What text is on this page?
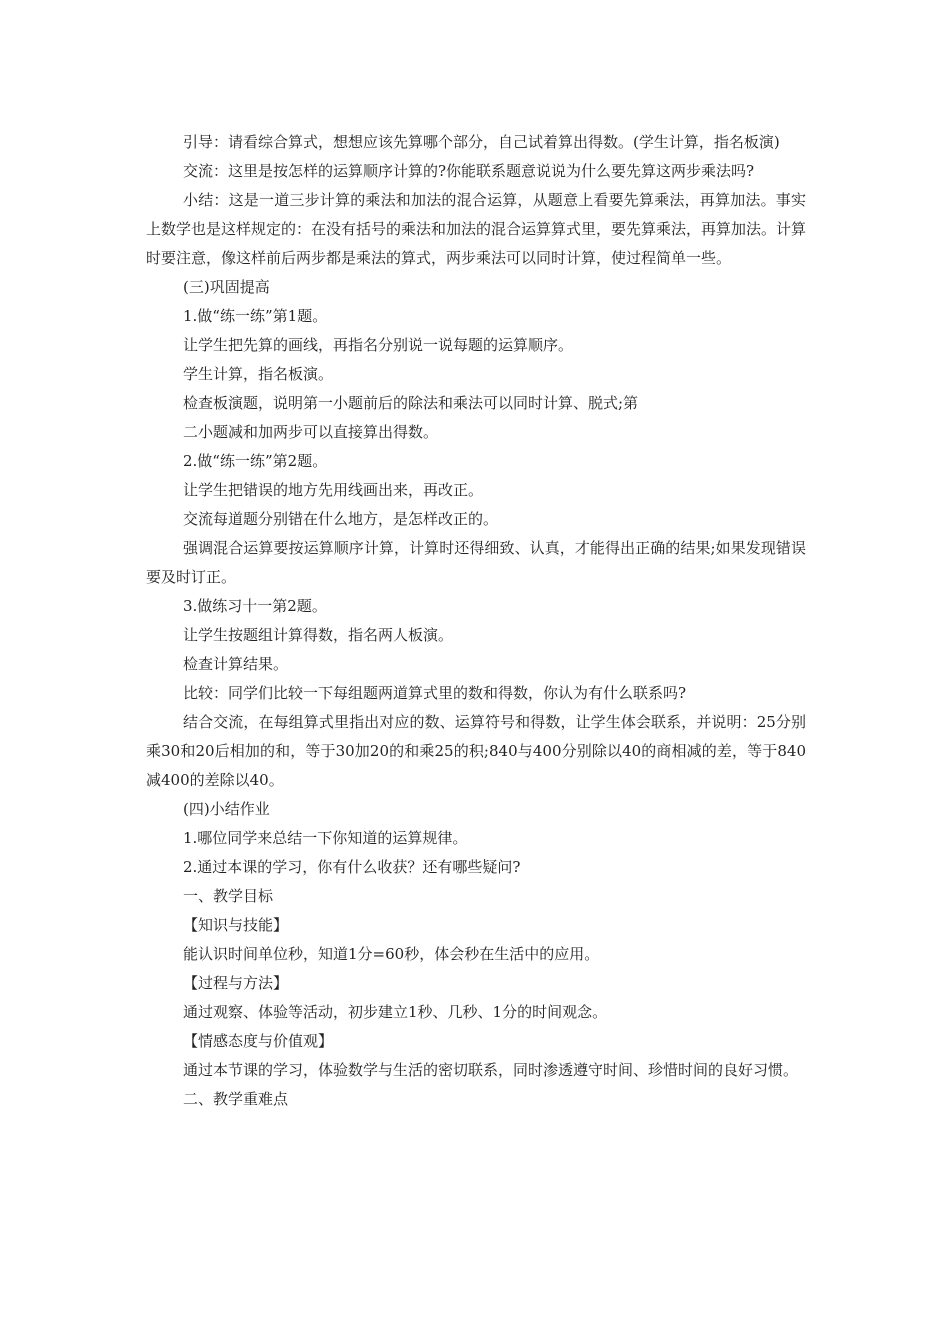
引导：请看综合算式，想想应该先算哪个部分，自己试着算出得数。(学生计算，指名板演)

交流：这里是按怎样的运算顺序计算的?你能联系题意说说为什么要先算这两步乘法吗?

小结：这是一道三步计算的乘法和加法的混合运算，从题意上看要先算乘法，再算加法。事实上数学也是这样规定的：在没有括号的乘法和加法的混合运算算式里，要先算乘法，再算加法。计算时要注意，像这样前后两步都是乘法的算式，两步乘法可以同时计算，使过程简单一些。

(三)巩固提高

1.做“练一练”第1题。

让学生把先算的画线，再指名分别说一说每题的运算顺序。

学生计算，指名板演。

检查板演题，说明第一小题前后的除法和乘法可以同时计算、脱式;第

二小题减和加两步可以直接算出得数。

2.做“练一练”第2题。

让学生把错误的地方先用线画出来，再改正。

交流每道题分别错在什么地方，是怎样改正的。

强调混合运算要按运算顺序计算，计算时还得细致、认真，才能得出正确的结果;如果发现错误要及时订正。

3.做练习十一第2题。

让学生按题组计算得数，指名两人板演。

检查计算结果。

比较：同学们比较一下每组题两道算式里的数和得数，你认为有什么联系吗?

结合交流，在每组算式里指出对应的数、运算符号和得数，让学生体会联系，并说明：25分别乘30和20后相加的和，等于30加20的和乘25的积;840与400分别除以40的商相减的差，等于840减400的差除以40。

(四)小结作业

1.哪位同学来总结一下你知道的运算规律。

2.通过本课的学习，你有什么收获？还有哪些疑问?

一、教学目标

【知识与技能】

能认识时间单位秒，知道1分=60秒，体会秒在生活中的应用。

【过程与方法】

通过观察、体验等活动，初步建立1秒、几秒、1分的时间观念。

【情感态度与价值观】

通过本节课的学习，体验数学与生活的密切联系，同时渗透遵守时间、珍惜时间的良好习惯。

二、教学重难点
